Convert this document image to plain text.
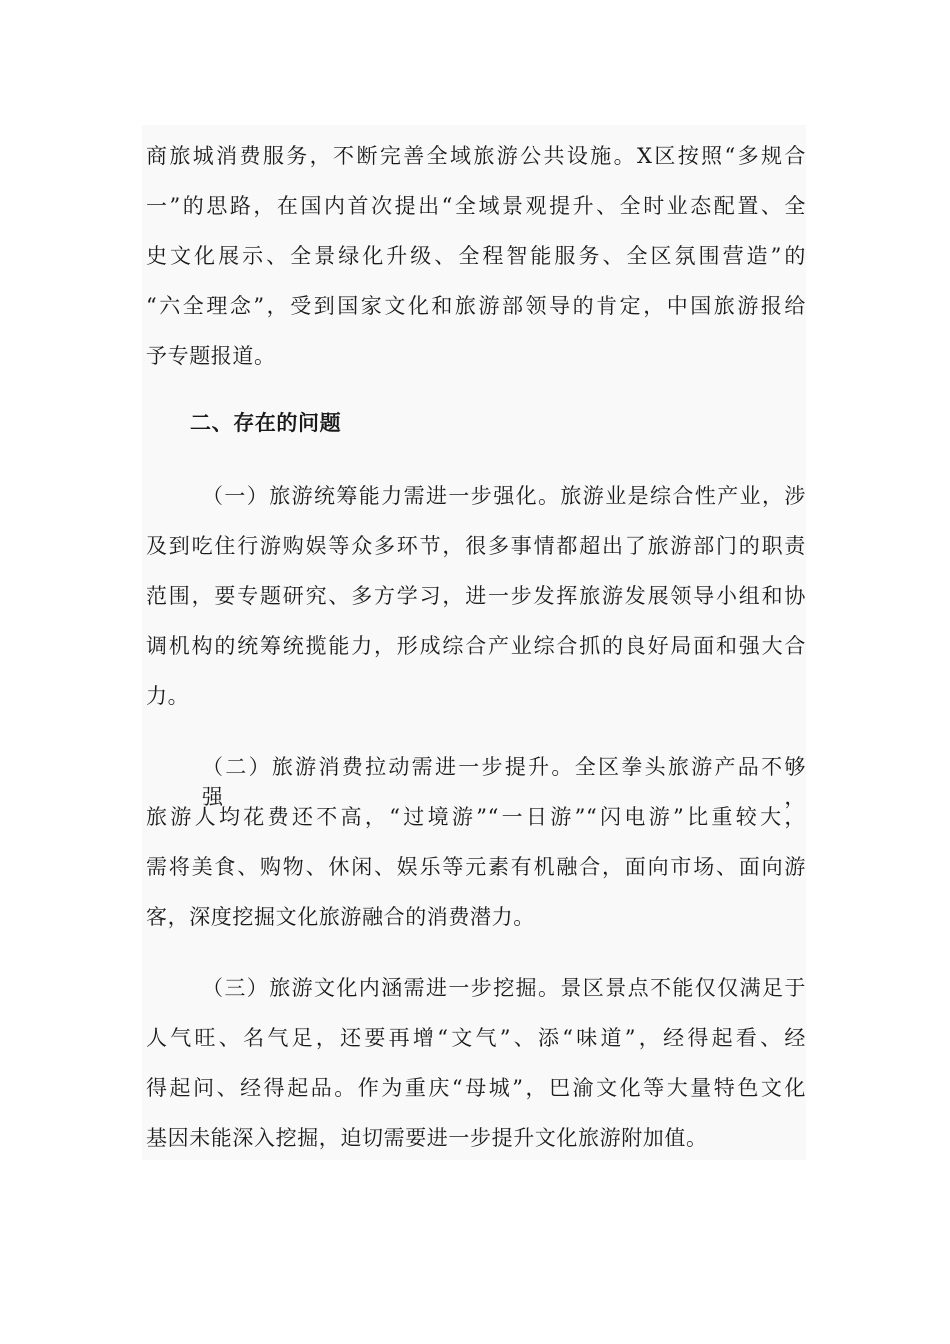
商旅城消费服务，不断完善全域旅游公共设施。X区按照“多规合
一”的思路，在国内首次提出“全域景观提升、全时业态配置、全
史文化展示、全景绿化升级、全程智能服务、全区氛围营造”的
“六全理念”，受到国家文化和旅游部领导的肯定，中国旅游报给
予专题报道。
二、存在的问题
（一）旅游统筹能力需进一步强化。旅游业是综合性产业，涉
及到吃住行游购娱等众多环节，很多事情都超出了旅游部门的职责
范围，要专题研究、多方学习，进一步发挥旅游发展领导小组和协
调机构的统筹统揽能力，形成综合产业综合抓的良好局面和强大合
力。
（二）旅游消费拉动需进一步提升。全区拳头旅游产品不够强，
旅游人均花费还不高，“过境游”“一日游”“闪电游”比重较大，
需将美食、购物、休闲、娱乐等元素有机融合，面向市场、面向游
客，深度挖掘文化旅游融合的消费潜力。
（三）旅游文化内涵需进一步挖掘。景区景点不能仅仅满足于
人气旺、名气足，还要再增“文气”、添“味道”，经得起看、经
得起问、经得起品。作为重庆“母城”，巴渝文化等大量特色文化
基因未能深入挖掘，迫切需要进一步提升文化旅游附加值。
